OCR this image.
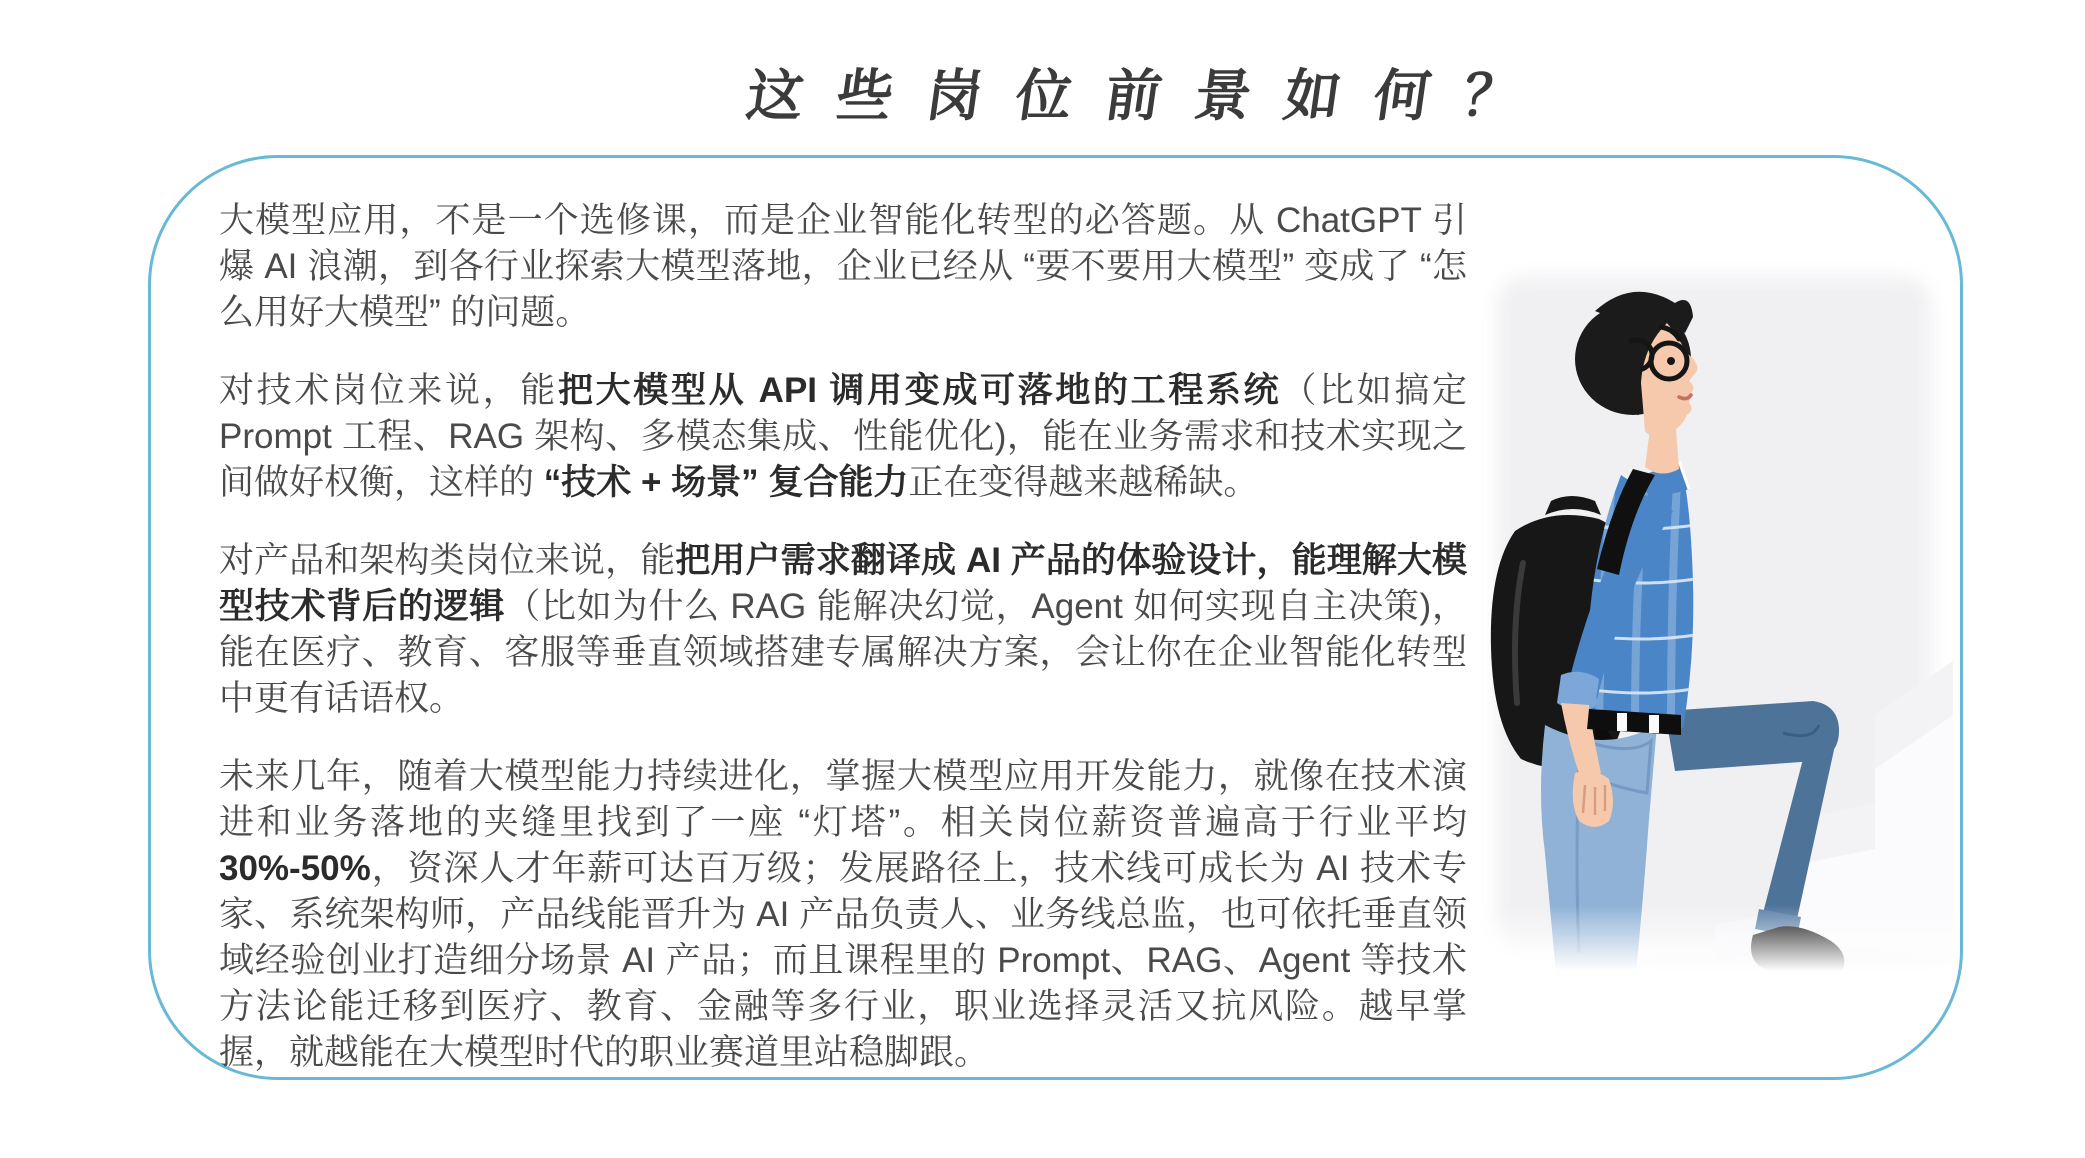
这 些 岗 位 前 景 如 何 ？

大模型应用，不是一个选修课，而是企业智能化转型的必答题。从 ChatGPT 引爆 AI 浪潮，到各行业探索大模型落地，企业已经从 “要不要用大模型” 变成了 “怎么用好大模型” 的问题。

对技术岗位来说，能把大模型从 API 调用变成可落地的工程系统（比如搞定 Prompt 工程、RAG 架构、多模态集成、性能优化)，能在业务需求和技术实现之间做好权衡，这样的 “技术 + 场景” 复合能力正在变得越来越稀缺。

对产品和架构类岗位来说，能把用户需求翻译成 AI 产品的体验设计，能理解大模型技术背后的逻辑（比如为什么 RAG 能解决幻觉，Agent 如何实现自主决策)，能在医疗、教育、客服等垂直领域搭建专属解决方案，会让你在企业智能化转型中更有话语权。

未来几年，随着大模型能力持续进化，掌握大模型应用开发能力，就像在技术演进和业务落地的夹缝里找到了一座 “灯塔”。相关岗位薪资普遍高于行业平均 30%-50%，资深人才年薪可达百万级；发展路径上，技术线可成长为 AI 技术专家、系统架构师，产品线能晋升为 AI 产品负责人、业务线总监，也可依托垂直领域经验创业打造细分场景 AI 产品；而且课程里的 Prompt、RAG、Agent 等技术方法论能迁移到医疗、教育、金融等多行业，职业选择灵活又抗风险。越早掌握，就越能在大模型时代的职业赛道里站稳脚跟。
